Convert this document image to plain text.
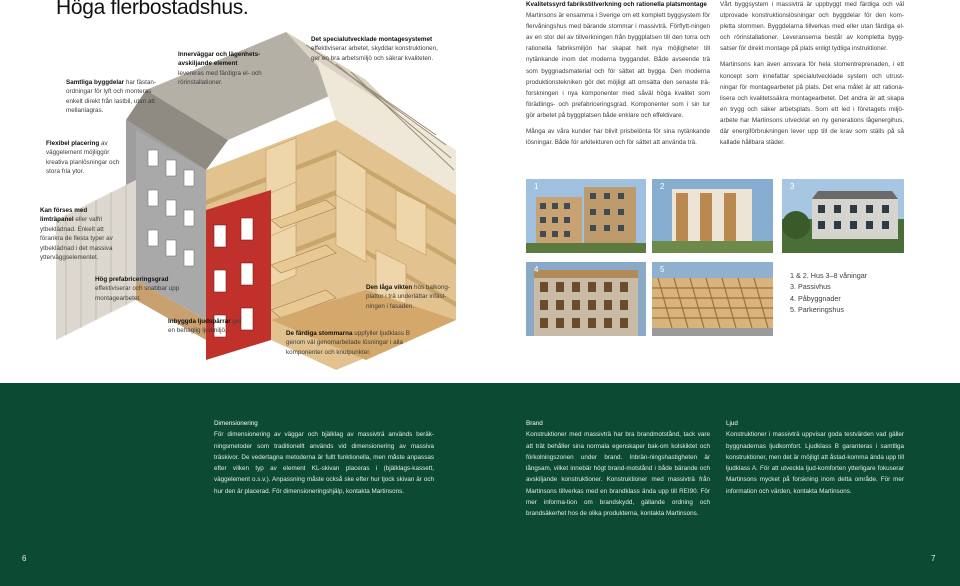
Höga flerbostadshus.
Samtliga byggdelar har fästan-ordningar för lyft och monteras enkelt direkt från lastbil, utan att mellanlagras.
Innerväggar och lägenhets-avskiljande element levereras med färdigra el- och rörinstallationer.
Det specialutvecklade montagesystemet effektiviserar arbetet, skyddar konstruktionen, ger en bra arbetsmiljö och säkrar kvaliteten.
Flexibel placering av väggelement möjliggör kreativa planlösningar och stora fria ytor.
Kan förses med limträpanel eller valfri ytbeklädnad. Enkelt att förankra de flesta typer av ytbeklädnad i det massiva ytterväggselementet.
Hög prefabriceringsgrad effektiviserar och snabbar upp montagearbetet.
Inbyggda ljudspärrar ger en behaglig ljudmiljö.
Den låga vikten hos balkong-plattor i trä underlättar infäst-ningen i fasaden.
De färdiga stommarna uppfyller ljudklass B genom väl genomarbetade lösningar i alla komponenter och knutpunkter.

Kvalitetssyrd fabrikstillverkning och rationella platsmontage
Martinsons är ensamma i Sverige om ett komplett byggsystem för flervåningshus med bärande stommar i massivträ. Förflytt-ningen av en stor del av tillverkningen från byggplatsen till den torra och rationella fabriksmiljön har skapat helt nya möjligheter till nytänkande inom det moderna byggandet. Både avseende trä som byggnadsmaterial och för sättet att bygga. Den moderna produktionstekniken gör det möjligt att omsätta den senaste trä-forskningen i nya komponenter med såväl höga kvalitet som förädlings- och prefabriceringsgrad. Komponenter som i sin tur gör arbetet på byggplatsen både enklare och effektivare.

Många av våra kunder har blivit prisbelönta för sina nytänkande lösningar. Både för arkitekturen och för sättet att använda trä.

Vårt byggsystem i massivträ är uppbyggt med färdiga och väl utprovade konstruktionslösningar och byggdelar för den kom-pletta stommen. Byggdelarna tillverkas med eller utan färdiga el- och rörinstallationer. Leveranserna består av kompletta bygg-satser för direkt montage på plats enligt tydliga instruktioner.

Martinsons kan även ansvara för hela stomentreprenaden, i ett koncept som innefattar specialutvecklade system och utrust-ningar för montagearbetet på plats. Det ena målet är att rationa-lisera och kvalitetssäkra montagearbetet. Det andra är att skapa en trygg och säker arbetsplats. Som ett led i företagets miljö-arbete har Martinsons utvecklat en ny generations lågenergihus, där energiförbrukningen lever upp till de krav som ställs på så kallade hållbara städer.

1	2	3
4	5
1 & 2. Hus 3–8 våningar
3. Passivhus
4. Påbyggnader
5. Parkeringshus
Dimensionering
För dimensionering av väggar och bjälklag av massivträ används beräk-ningsmetoder som traditionellt används vid dimensionering av massiva träskivor. De vedertagna metoderna är fullt funktionella, men måste anpassas efter vilken typ av element KL-skivan placeras i (bjälklags-kassett, väggelement o.s.v.). Anpassning måste också ske efter hur tjock skivan är och hur den är placerad. För dimensioneringshjälp, kontakta Martinsons.
Brand
Konstruktioner med massivträ har bra brandmotstånd, tack vare att trät behåller sina normala egenskaper bak-om kolskiktet och förkolningszonen under brand. Inbrän-ningshastigheten är långsam, vilket innebär högt brand-motstånd i både bärande och avskiljande konstruktioner. Konstruktioner med massivträ från Martinsons tillverkas med en brandklass ända upp till REI90. För mer informa-tion om brandskydd, gällande ordning och brandsäkerhet hos de olika produkterna, kontakta Martinsons.
Ljud
Konstruktioner i massivträ uppvisar goda testvärden vad gäller byggnadernas ljudkomfort. Ljudklass B garanteras i samtliga konstruktioner, men det är möjligt att åstad-komma ända upp till ljudklass A. För att utveckla ljud-komforten ytterligare fokuserar Martinsons mycket på forskning inom detta område. För mer information och värden, kontakta Martinsons.
6	7
